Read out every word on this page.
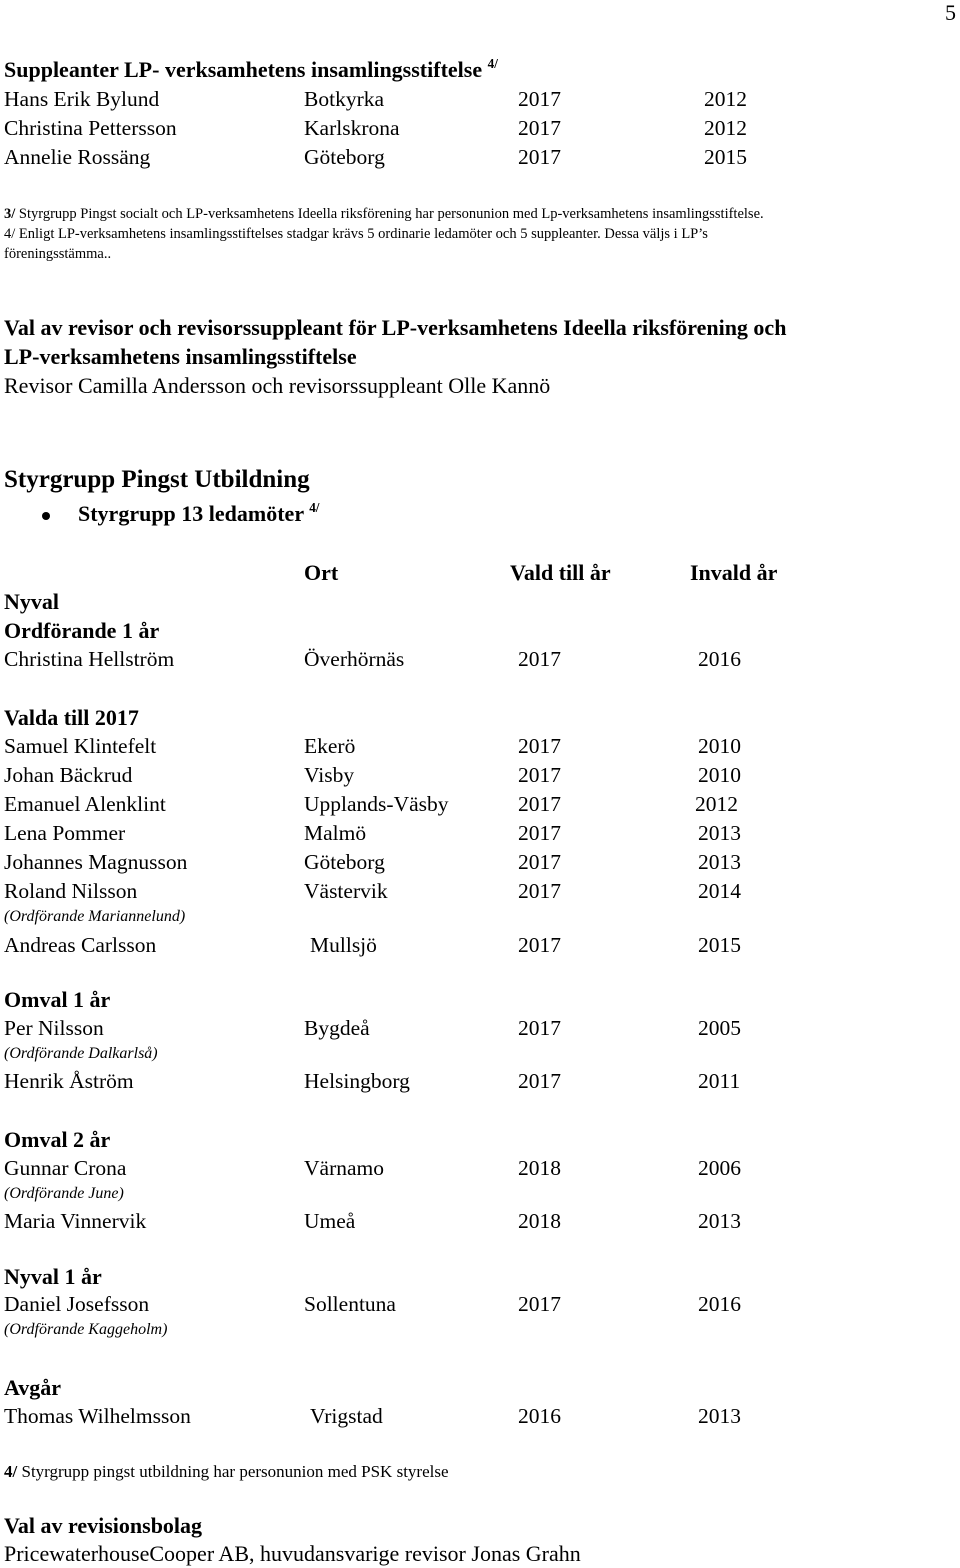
5
Suppleanter LP- verksamhetens insamlingsstiftelse $^{4/}$
Hans Erik Bylund	Botkyrka	2017	2012
Christina Pettersson	Karlskrona	2017	2012
Annelie Rossäng	Göteborg	2017	2015
3/ Styrgrupp Pingst socialt och LP-verksamhetens Ideella riksförening har personunion med Lp-verksamhetens insamlingsstiftelse.
4/ Enligt LP-verksamhetens insamlingsstiftelses stadgar krävs 5 ordinarie ledamöter och 5 suppleanter. Dessa väljs i LP’s
föreningsstämma..
Val av revisor och revisorssuppleant för LP-verksamhetens Ideella riksförening och
LP-verksamhetens insamlingsstiftelse
Revisor Camilla Andersson och revisorssuppleant Olle Kannö
Styrgrupp Pingst Utbildning
Styrgrupp 13 ledamöter $^{4/}$
Ort	Vald till år	Invald år
Nyval
Ordförande 1 år
Christina Hellström	Överhörnäs	2017	2016
Valda till 2017
Samuel Klintefelt	Ekerö	2017	2010
Johan Bäckrud	Visby	2017	2010
Emanuel Alenklint	Upplands-Väsby	2017	2012
Lena Pommer	Malmö	2017	2013
Johannes Magnusson	Göteborg	2017	2013
Roland Nilsson	Västervik	2017	2014
(Ordförande Mariannelund)
Andreas Carlsson	Mullsjö	2017	2015
Omval 1 år
Per Nilsson	Bygdeå	2017	2005
(Ordförande Dalkarlså)
Henrik Åström	Helsingborg	2017	2011
Omval 2 år
Gunnar Crona	Värnamo	2018	2006
(Ordförande June)
Maria Vinnervik	Umeå	2018	2013
Nyval 1 år
Daniel Josefsson	Sollentuna	2017	2016
(Ordförande Kaggeholm)
Avgår
Thomas Wilhelmsson	Vrigstad	2016	2013
4/ Styrgrupp pingst utbildning har personunion med PSK styrelse
Val av revisionsbolag
PricewaterhouseCooper AB, huvudansvarige revisor Jonas Grahn
